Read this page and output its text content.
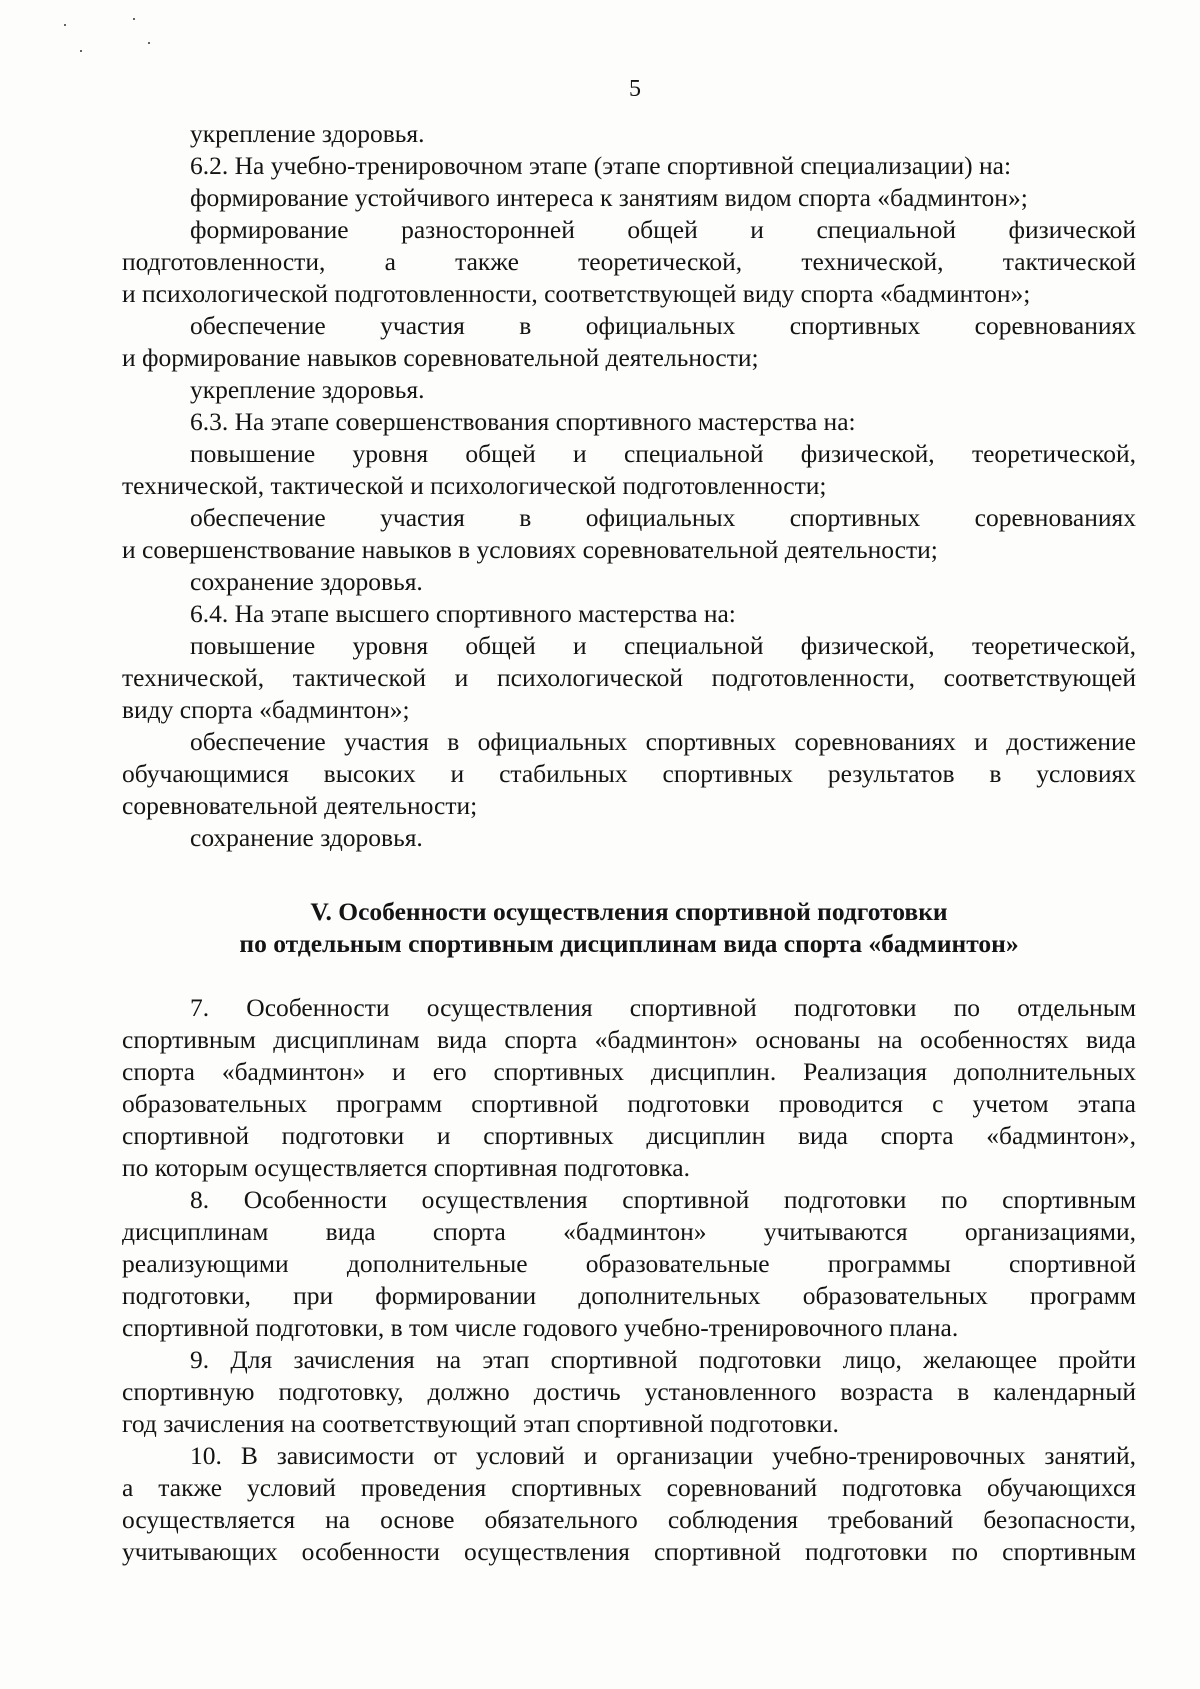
5
укрепление здоровья.
6.2. На учебно-тренировочном этапе (этапе спортивной специализации) на:
формирование устойчивого интереса к занятиям видом спорта «бадминтон»;
формирование разносторонней общей и специальной физической
подготовленности, а также теоретической, технической, тактической
и психологической подготовленности, соответствующей виду спорта «бадминтон»;
обеспечение участия в официальных спортивных соревнованиях
и формирование навыков соревновательной деятельности;
укрепление здоровья.
6.3. На этапе совершенствования спортивного мастерства на:
повышение уровня общей и специальной физической, теоретической,
технической, тактической и психологической подготовленности;
обеспечение участия в официальных спортивных соревнованиях
и совершенствование навыков в условиях соревновательной деятельности;
сохранение здоровья.
6.4. На этапе высшего спортивного мастерства на:
повышение уровня общей и специальной физической, теоретической,
технической, тактической и психологической подготовленности, соответствующей
виду спорта «бадминтон»;
обеспечение участия в официальных спортивных соревнованиях и достижение
обучающимися высоких и стабильных спортивных результатов в условиях
соревновательной деятельности;
сохранение здоровья.
V. Особенности осуществления спортивной подготовки
по отдельным спортивным дисциплинам вида спорта «бадминтон»
7. Особенности осуществления спортивной подготовки по отдельным
спортивным дисциплинам вида спорта «бадминтон» основаны на особенностях вида
спорта «бадминтон» и его спортивных дисциплин. Реализация дополнительных
образовательных программ спортивной подготовки проводится с учетом этапа
спортивной подготовки и спортивных дисциплин вида спорта «бадминтон»,
по которым осуществляется спортивная подготовка.
8. Особенности осуществления спортивной подготовки по спортивным
дисциплинам вида спорта «бадминтон» учитываются организациями,
реализующими дополнительные образовательные программы спортивной
подготовки, при формировании дополнительных образовательных программ
спортивной подготовки, в том числе годового учебно-тренировочного плана.
9. Для зачисления на этап спортивной подготовки лицо, желающее пройти
спортивную подготовку, должно достичь установленного возраста в календарный
год зачисления на соответствующий этап спортивной подготовки.
10. В зависимости от условий и организации учебно-тренировочных занятий,
а также условий проведения спортивных соревнований подготовка обучающихся
осуществляется на основе обязательного соблюдения требований безопасности,
учитывающих особенности осуществления спортивной подготовки по спортивным
